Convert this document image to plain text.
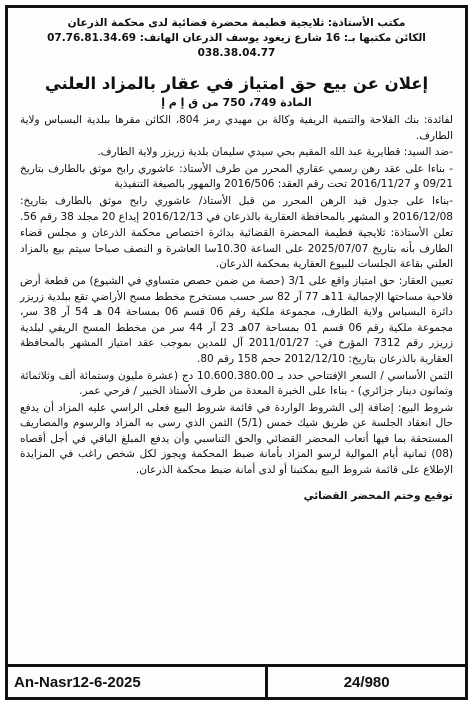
مكتب الأستاذة: ثلايجية فطيمة محضرة قضائية لدى محكمة الذرعان
الكائن مكتبها بـ: 16 شارع زيغود يوسف الذرعان الهاتف: 07.76.81.34.69
038.38.04.77
إعلان عن بيع حق امتياز في عقار بالمزاد العلني
المادة 749، 750 من ق إ م إ

لفائدة: بنك الفلاحة والتنمية الريفية وكالة بن مهيدي رمز 804، الكائن مقرها ببلدية البسباس ولاية الطارف.

-ضد السيد: قطايرية عبد الله المقيم بحي سيدي سليمان بلدية زريزر ولاية الطارف.

- بناءا على عقد رهن رسمي عقاري المحرر من طرف الأستاذ: عاشوري رابح موثق بالطارف بتاريخ 09/21 و 2016/11/27 تحت رقم العقد: 2016/506 والمهور بالصيغة التنفيذية

-بناءا على جدول قيد الرهن المحرر من قبل الأستاذ/ عاشوري رابح موثق بالطارف بتاريخ: 2016/12/08 و المشهر بالمحافظة العقارية بالذرعان في 2016/12/13 إيداع 20 مجلد 38 رقم 56.

تعلن الأستاذة: ثلايجية فطيمة المحضرة القضائية بدائرة اختصاص محكمة الذرعان و مجلس قضاء الطارف بأنه بتاريخ 2025/07/07 على الساعة 10.30سا العاشرة و النصف صباحا سيتم بيع بالمزاد العلني بقاعة الجلسات للبيوع العقارية بمحكمة الذرعان.

تعيين العقار: حق امتياز واقع على 3/1 (حصة من ضمن حصص متساوي في الشيوع) من قطعة أرض فلاحية مساحتها الإجمالية 11هـ 77 آر 82 سر حسب مستخرج مخطط مسح الأراضي تقع ببلدية زريزر دائرة البسباس ولاية الطارف، مجموعة ملكية رقم 06 قسم 06 بمساحة 04 هـ 54 آر 38 سر، مجموعة ملكية رقم 06 قسم 01 بمساحة 07هـ 23 آر 44 سر من مخطط المسح الريفي لبلدية زريزر رقم 7312 المؤرخ في: 2011/01/27 آل للمدين بموجب عقد امتياز المشهر بالمحافظة العقارية بالذرعان بتاريخ: 2012/12/10 حجم 158 رقم 80.

الثمن الأساسي / السعر الإفتتاحي حدد بـ 10.600.380.00 دج (عشرة مليون وستمائة ألف وثلاثمائة وثمانون دينار جزائري) - بناءا على الخبرة المعدة من طرف الأستاذ الخبير / فرحي عمر.

شروط البيع: إضافة إلى الشروط الواردة في قائمة شروط البيع فعلى الراسي عليه المزاد أن يدفع حال انعقاد الجلسة عن طريق شيك خمس (5/1) الثمن الذي رسى به المزاد والرسوم والمصاريف المستحقة بما فيها أتعاب المحضر القضائي والحق التناسبي وأن يدفع المبلغ الباقي في أجل أقصاه (08) ثمانية أيام الموالية لرسو المزاد بأمانة ضبط المحكمة ويجوز لكل شخص راغب في المزايدة الإطلاع على قائمة شروط البيع بمكتبنا أو لدى أمانة ضبط محكمة الذرعان.

توقيع وختم المحضر القضائي
An-Nasr12-6-2025	24/980
